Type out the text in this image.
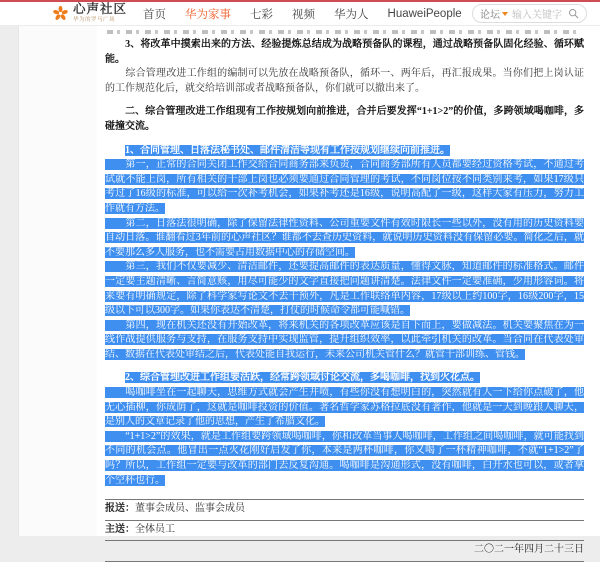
心声社区
华为的罗马广场 首页 华为家事 七彩 视频 华为人 HuaweiPeople 论坛 输入关键字

　　3、将改革中摸索出来的方法、经验提炼总结成为战略预备队的课程，通过战略预备队固化经验、循环赋能。

　　综合管理改进工作组的编制可以先放在战略预备队，循环一、两年后，再汇报成果。当你们把上岗认证的工作规范化后，就交给培训部或者战略预备队，你们就可以撤出来了。

　　二、综合管理改进工作组现有工作按规划向前推进，合并后要发挥“1+1>2”的价值，多跨领域喝咖啡，多碰撞交流。

　　1、合同管理、日落法秘书处、邮件清洁等现有工作按规划继续向前推进。

　　第一，正常的合同关闭工作交给合同商务部来负责，合同商务部所有人员都要经过资格考试，不通过考试就不能上岗，所有相关的干部上岗也必须要通过合同管理的考试，不同岗位按不同类别来考，如果17级只考过了16级的标准，可以给一次补考机会，如果补考还是16级，说明高配了一级，这样大家有压力，努力工作就有方法。

　　第二，日落法很明确，除了保留法律性资料、公司重要文件有效时限长一些以外，没有用的历史资料要自动日落。谁翻看过3年前的心声社区？谁都不去查历史资料，就说明历史资料没有保留必要。简化之后，就不要那么多人服务，也不需要占用数据中心的存储空间。

　　第三，我们不仅要减少、清洁邮件，还要提高邮件的表达质量，懂得文脉，知道邮件的标准格式。邮件一定要主题清晰、言简意赅，用尽可能少的文字直接把问题讲清楚。法律文件一定要准确，少用形容词。将来要有明确规定，除了科学家写论文不去干预外，凡是工作联络单内容，17级以上约100字，16级200字，15级以下可以300字。如果你表达不清楚，打仗的时候命令都可能喊错。

　　第四，现在机关还没有开始改革，将来机关的各项改革应该是自下而上，要做减法。机关要聚焦在为一线作战提供服务与支持，在服务支持中实现监管，提升组织效率，以此牵引机关的改革。当合同在代表处审结、数据在代表处审结之后，代表处能自我运行，未来公司机关管什么？就管干部训练、管钱。

　　2、综合管理改进工作组要活跃，经常跨领域讨论交流，多喝咖啡，找到火花点。

　　喝咖啡坐在一起聊天，思维方式就会产生井喷，有些你没有想明白的，突然就有人一下给你点破了，他无心插柳，你成荫了，这就是咖啡投资的价值。著名哲学家苏格拉底没有著作，他就是一天到晚跟人聊天，是别人的文章记录了他的思想，产生了希腊文化。

　　“1+1>2”的效果，就是工作组要跨领域喝咖啡，你和改革当事人喝咖啡，工作组之间喝咖啡，就可能找到不同的机会点。他冒出一点火花刚好启发了你，本来是两杯咖啡，你又喝了一杯精神咖啡，不就“1+1>2”了吗？所以，工作组一定要与改革的部门去反复沟通。喝咖啡是沟通形式，没有咖啡，白开水也可以，或者拿个空杯也行。

报送：董事会成员、监事会成员
主送：全体员工
二〇二一年四月二十三日
